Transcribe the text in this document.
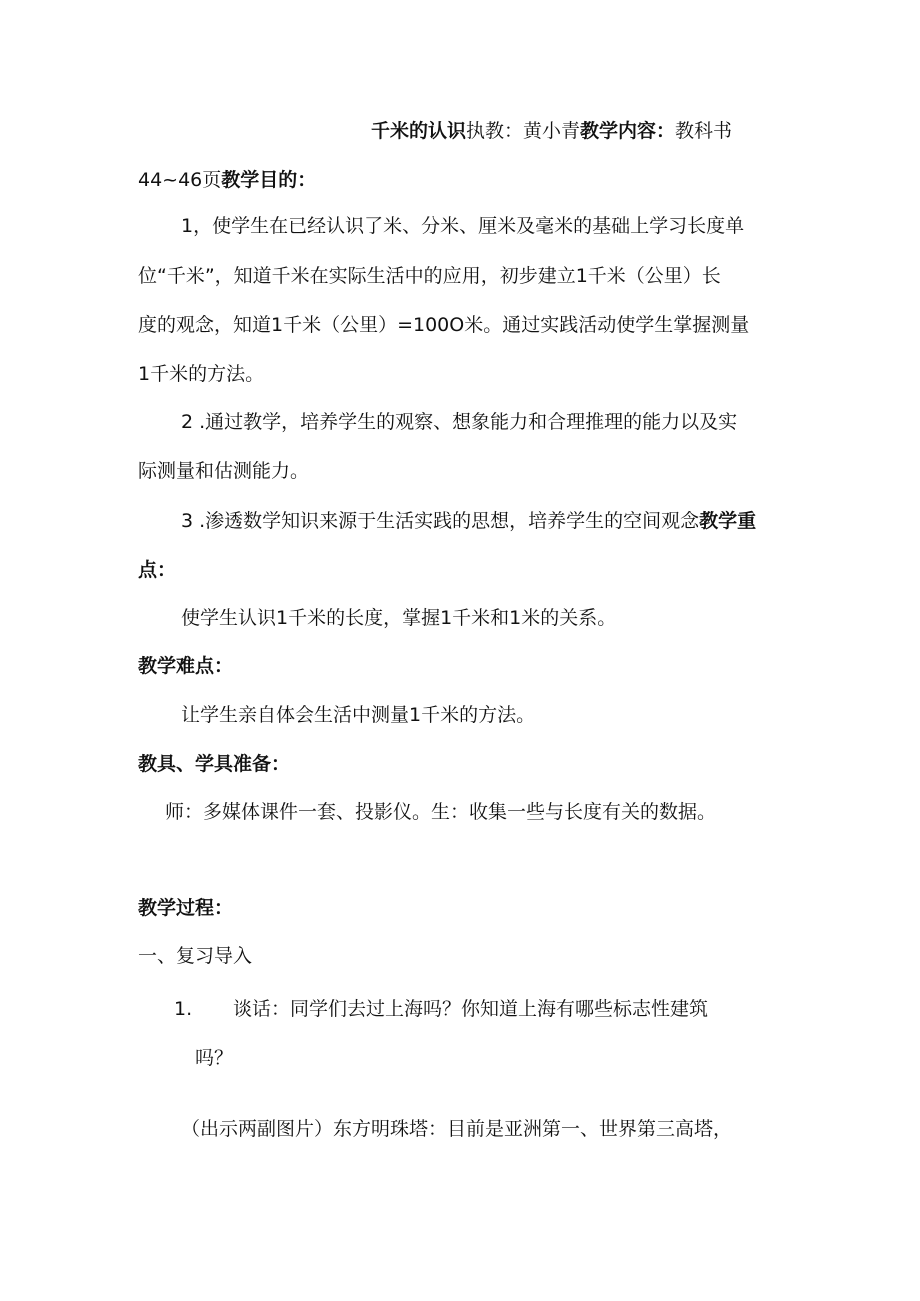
千米的认识执教：黄小青教学内容：教科书
44~46页教学目的：
1，使学生在已经认识了米、分米、厘米及毫米的基础上学习长度单
位“千米”，知道千米在实际生活中的应用，初步建立1千米（公里）长
度的观念，知道1千米（公里）=100O米。通过实践活动使学生掌握测量
1千米的方法。
2 .通过教学，培养学生的观察、想象能力和合理推理的能力以及实
际测量和估测能力。
3 .渗透数学知识来源于生活实践的思想，培养学生的空间观念教学重
点：
使学生认识1千米的长度，掌握1千米和1米的关系。
教学难点：
让学生亲自体会生活中测量1千米的方法。
教具、学具准备：
师：多媒体课件一套、投影仪。生：收集一些与长度有关的数据。
教学过程：
一、复习导入
1. 谈话：同学们去过上海吗？你知道上海有哪些标志性建筑
吗？
（出示两副图片）东方明珠塔：目前是亚洲第一、世界第三高塔，
